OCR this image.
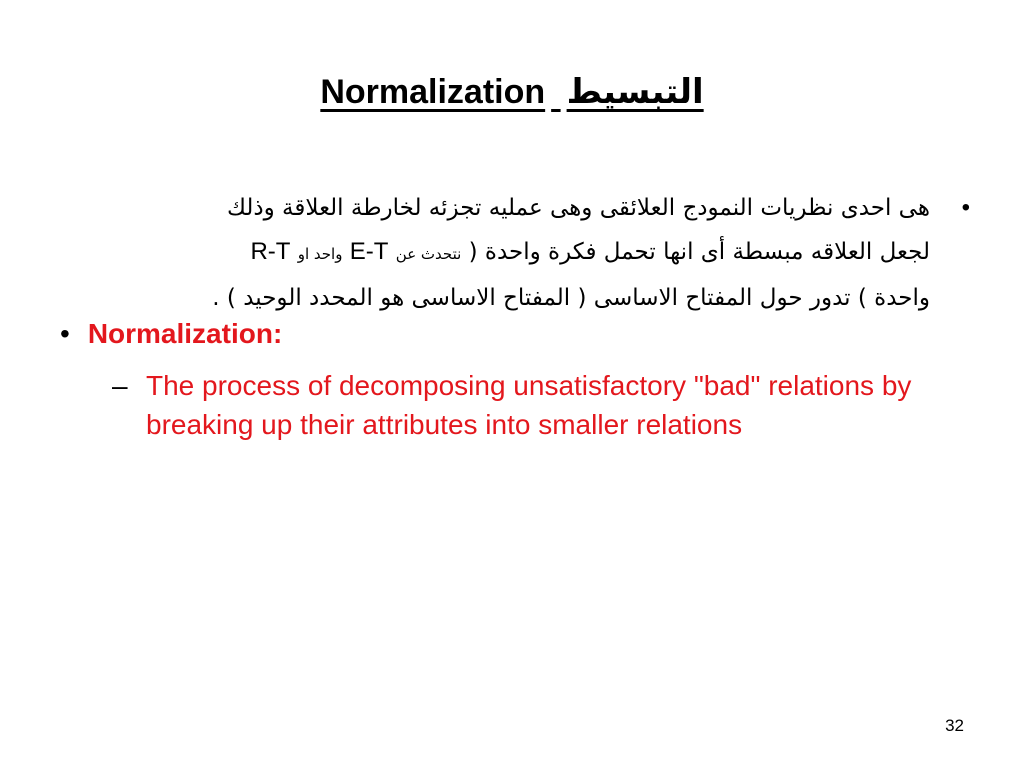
Normalization التبسيط
•
هى احدى نظريات النمودج العلائقى وهى عمليه تجزئه لخارطة العلاقة وذلك
لجعل العلاقه مبسطة أى انها تحمل فكرة واحدة ( نتحدث عن E-T واحد او R-T
واحدة ) تدور حول المفتاح الاساسى ( المفتاح الاساسى هو المحدد الوحيد ) .
• Normalization:
– The process of decomposing unsatisfactory "bad" relations by breaking up their attributes into smaller relations
32
